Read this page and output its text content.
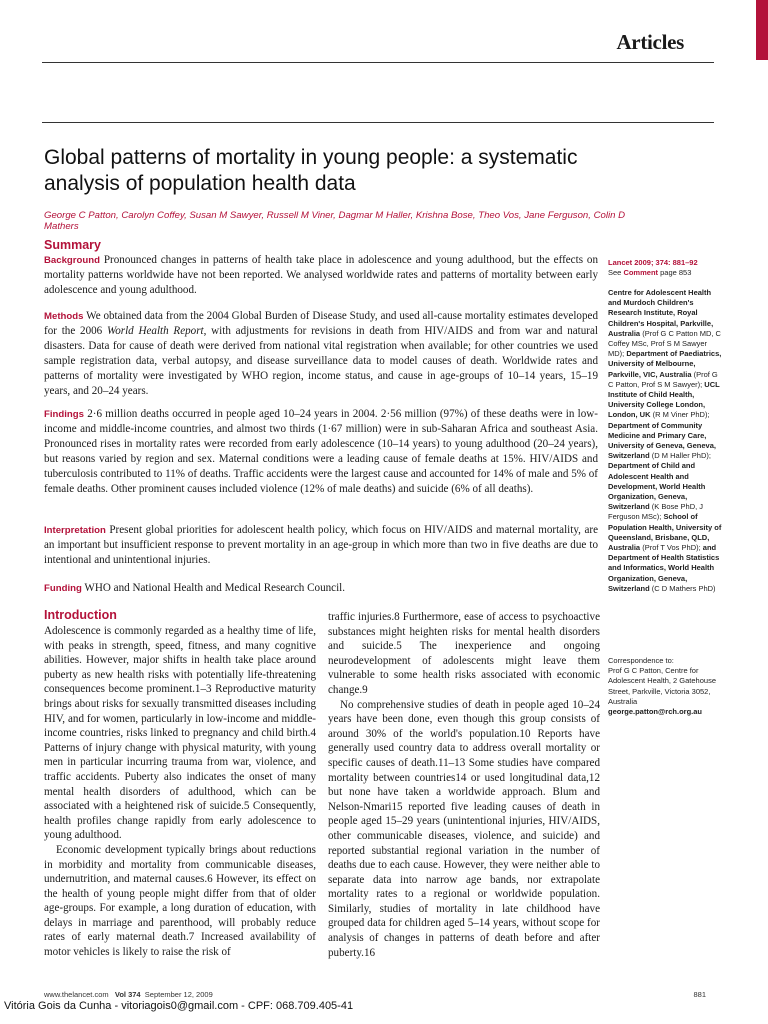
Articles
Global patterns of mortality in young people: a systematic analysis of population health data
George C Patton, Carolyn Coffey, Susan M Sawyer, Russell M Viner, Dagmar M Haller, Krishna Bose, Theo Vos, Jane Ferguson, Colin D Mathers
Summary

Background Pronounced changes in patterns of health take place in adolescence and young adulthood, but the effects on mortality patterns worldwide have not been reported. We analysed worldwide rates and patterns of mortality between early adolescence and young adulthood.

Methods We obtained data from the 2004 Global Burden of Disease Study, and used all-cause mortality estimates developed for the 2006 World Health Report, with adjustments for revisions in death from HIV/AIDS and from war and natural disasters. Data for cause of death were derived from national vital registration when available; for other countries we used sample registration data, verbal autopsy, and disease surveillance data to model causes of death. Worldwide rates and patterns of mortality were investigated by WHO region, income status, and cause in age-groups of 10–14 years, 15–19 years, and 20–24 years.

Findings 2·6 million deaths occurred in people aged 10–24 years in 2004. 2·56 million (97%) of these deaths were in low-income and middle-income countries, and almost two thirds (1·67 million) were in sub-Saharan Africa and southeast Asia. Pronounced rises in mortality rates were recorded from early adolescence (10–14 years) to young adulthood (20–24 years), but reasons varied by region and sex. Maternal conditions were a leading cause of female deaths at 15%. HIV/AIDS and tuberculosis contributed to 11% of deaths. Traffic accidents were the largest cause and accounted for 14% of male and 5% of female deaths. Other prominent causes included violence (12% of male deaths) and suicide (6% of all deaths).

Interpretation Present global priorities for adolescent health policy, which focus on HIV/AIDS and maternal mortality, are an important but insufficient response to prevent mortality in an age-group in which more than two in five deaths are due to intentional and unintentional injuries.

Funding WHO and National Health and Medical Research Council.

Lancet 2009; 374: 881–92
See Comment page 853
Centre for Adolescent Health and Murdoch Children's Research Institute, Royal Children's Hospital, Parkville, Australia (Prof G C Patton MD, C Coffey MSc, Prof S M Sawyer MD); Department of Paediatrics, University of Melbourne, Parkville, VIC, Australia (Prof G C Patton, Prof S M Sawyer); UCL Institute of Child Health, University College London, London, UK (R M Viner PhD); Department of Community Medicine and Primary Care, University of Geneva, Geneva, Switzerland (D M Haller PhD); Department of Child and Adolescent Health and Development, World Health Organization, Geneva, Switzerland (K Bose PhD, J Ferguson MSc); School of Population Health, University of Queensland, Brisbane, QLD, Australia (Prof T Vos PhD); and Department of Health Statistics and Informatics, World Health Organization, Geneva, Switzerland (C D Mathers PhD)
Correspondence to:
Prof G C Patton, Centre for Adolescent Health, 2 Gatehouse Street, Parkville, Victoria 3052, Australia
george.patton@rch.org.au
Introduction

Adolescence is commonly regarded as a healthy time of life, with peaks in strength, speed, fitness, and many cognitive abilities. However, major shifts in health take place around puberty as new health risks with potentially life-threatening consequences become prominent.1–3 Reproductive maturity brings about risks for sexually transmitted diseases including HIV, and for women, particularly in low-income and middle-income countries, risks linked to pregnancy and child birth.4 Patterns of injury change with physical maturity, with young men in particular incurring trauma from war, violence, and traffic accidents. Puberty also indicates the onset of many mental health disorders of adulthood, which can be associated with a heightened risk of suicide.5 Consequently, health profiles change rapidly from early adolescence to young adulthood.

Economic development typically brings about reductions in morbidity and mortality from communicable diseases, undernutrition, and maternal causes.6 However, its effect on the health of young people might differ from that of older age-groups. For example, a long duration of education, with delays in marriage and parenthood, will probably reduce rates of early maternal death.7 Increased availability of motor vehicles is likely to raise the risk of

traffic injuries.8 Furthermore, ease of access to psychoactive substances might heighten risks for mental health disorders and suicide.5 The inexperience and ongoing neurodevelopment of adolescents might leave them vulnerable to some health risks associated with economic change.9

No comprehensive studies of death in people aged 10–24 years have been done, even though this group consists of around 30% of the world's population.10 Reports have generally used country data to address overall mortality or specific causes of death.11–13 Some studies have compared mortality between countries14 or used longitudinal data,12 but none have taken a worldwide approach. Blum and Nelson-Nmari15 reported five leading causes of death in people aged 15–29 years (unintentional injuries, HIV/AIDS, other communicable diseases, violence, and suicide) and reported substantial regional variation in the number of deaths due to each cause. However, they were neither able to separate data into narrow age bands, nor extrapolate mortality rates to a regional or worldwide population. Similarly, studies of mortality in late childhood have grouped data for children aged 5–14 years, without scope for analysis of changes in patterns of death before and after puberty.16

www.thelancet.com Vol 374 September 12, 2009	881
Vitória Gois da Cunha - vitoriagois0@gmail.com - CPF: 068.709.405-41
